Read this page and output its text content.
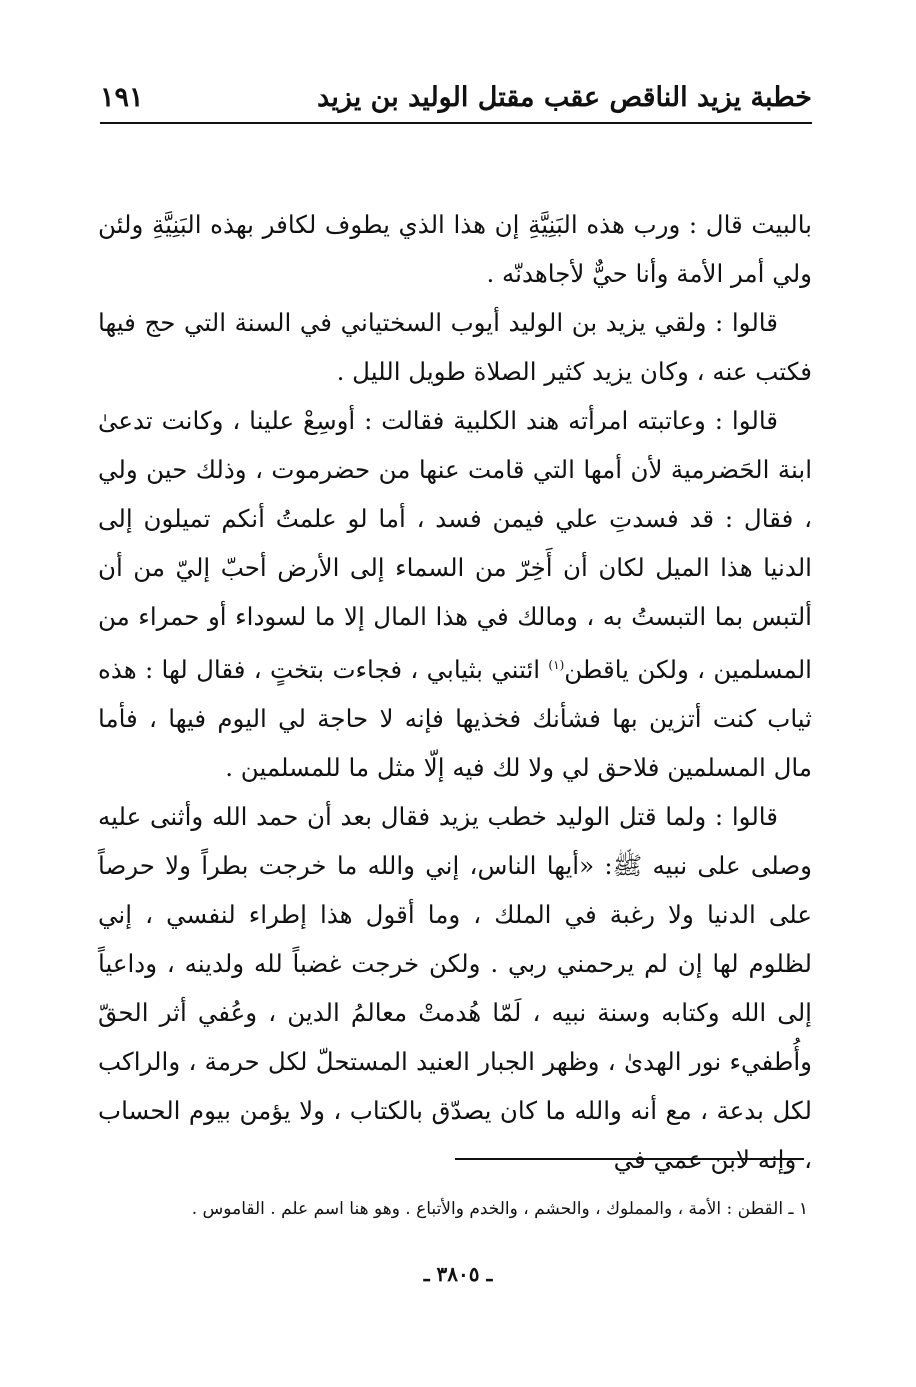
خطبة يزيد الناقص عقب مقتل الوليد بن يزيد
١٩١

بالبيت قال : ورب هذه البَنِيَّةِ إن هذا الذي يطوف لكافر بهذه البَنِيَّةِ ولئن ولي أمر الأمة وأنا حيٌّ لأجاهدنّه .

قالوا : ولقي يزيد بن الوليد أيوب السختياني في السنة التي حج فيها فكتب عنه ، وكان يزيد كثير الصلاة طويل الليل .

قالوا : وعاتبته امرأته هند الكلبية فقالت : أوسِعْ علينا ، وكانت تدعىٰ ابنة الحَضرمية لأن أمها التي قامت عنها من حضرموت ، وذلك حين ولي ، فقال : قد فسدتِ علي فيمن فسد ، أما لو علمتُ أنكم تميلون إلى الدنيا هذا الميل لكان أن أَخِرّ من السماء إلى الأرض أحبّ إليّ من أن ألتبس بما التبستُ به ، ومالك في هذا المال إلا ما لسوداء أو حمراء من المسلمين ، ولكن ياقطن$^{(١)}$ ائتني بثيابي ، فجاءت بتختٍ ، فقال لها : هذه ثياب كنت أتزين بها فشأنك فخذيها فإنه لا حاجة لي اليوم فيها ، فأما مال المسلمين فلاحق لي ولا لك فيه إلّا مثل ما للمسلمين .

قالوا : ولما قتل الوليد خطب يزيد فقال بعد أن حمد الله وأثنى عليه وصلى على نبيه ﷺ: «أيها الناس، إني والله ما خرجت بطراً ولا حرصاً على الدنيا ولا رغبة في الملك ، وما أقول هذا إطراء لنفسي ، إني لظلوم لها إن لم يرحمني ربي . ولكن خرجت غضباً لله ولدينه ، وداعياً إلى الله وكتابه وسنة نبيه ، لَمّا هُدمتْ معالمُ الدين ، وعُفي أثر الحقّ وأُطفيء نور الهدىٰ ، وظهر الجبار العنيد المستحلّ لكل حرمة ، والراكب لكل بدعة ، مع أنه والله ما كان يصدّق بالكتاب ، ولا يؤمن بيوم الحساب ، وإنه لابن عمي في

١ ـ القطن : الأمة ، والمملوك ، والحشم ، والخدم والأتباع . وهو هنا اسم علم . القاموس .
ـ ٣٨٠٥ ـ
